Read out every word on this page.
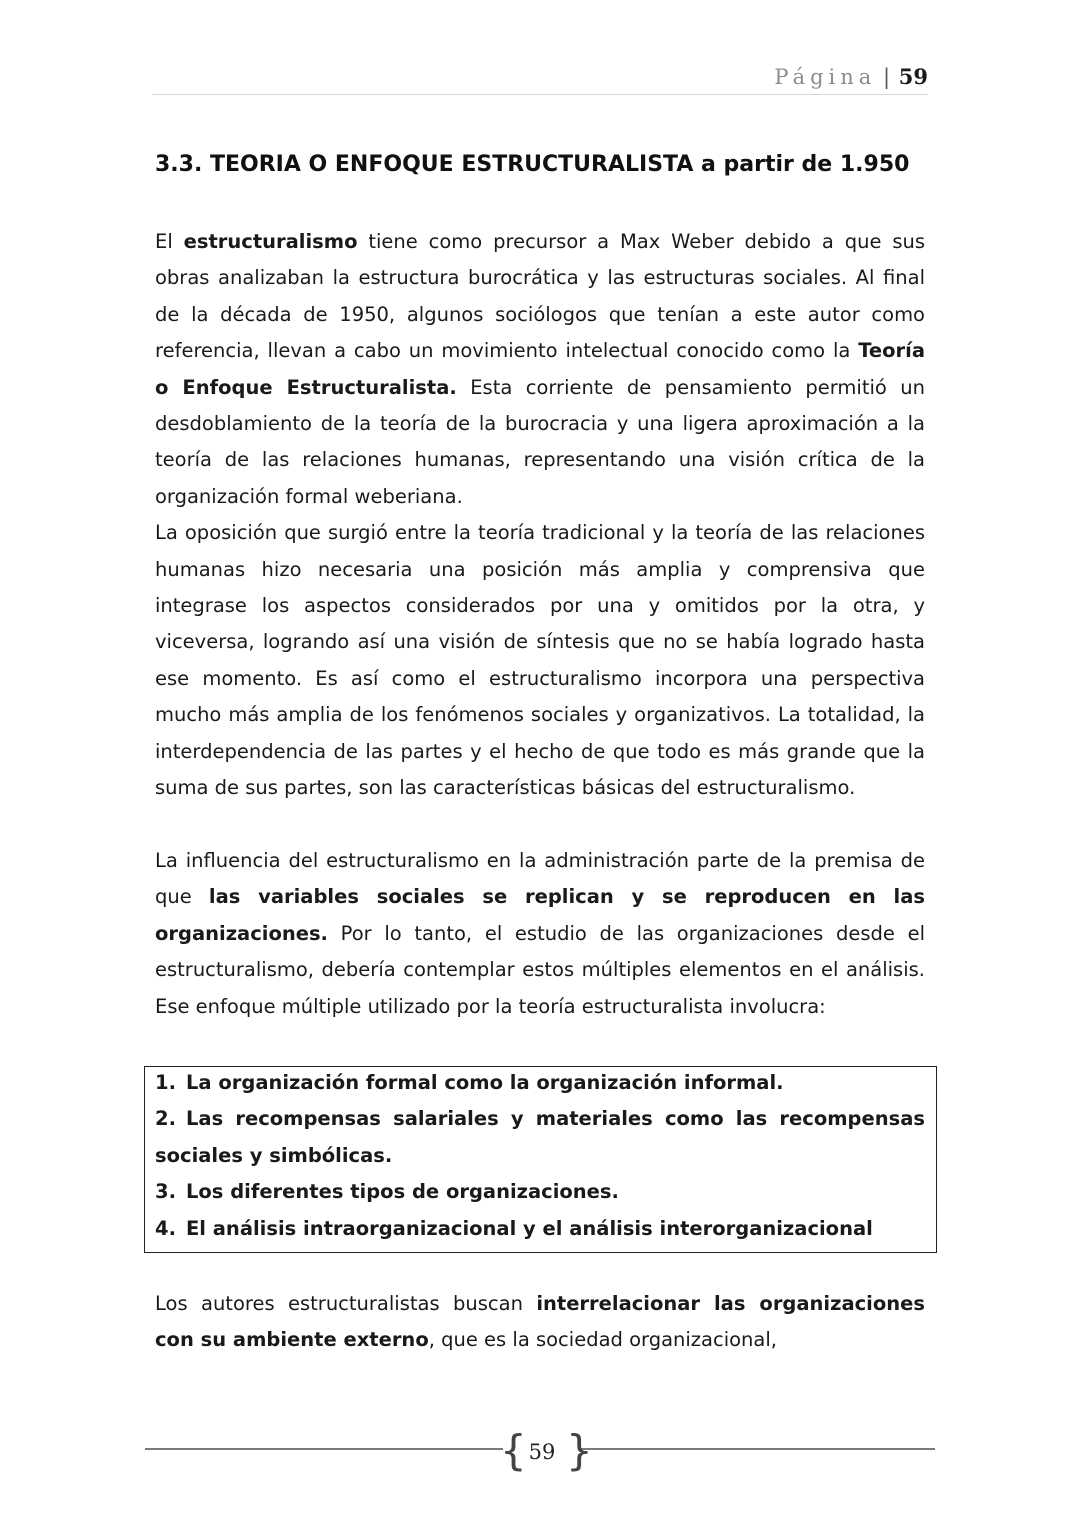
Página | 59
3.3. TEORIA O ENFOQUE ESTRUCTURALISTA a partir de 1.950

El estructuralismo tiene como precursor a Max Weber debido a que sus obras analizaban la estructura burocrática y las estructuras sociales. Al final de la década de 1950, algunos sociólogos que tenían a este autor como referencia, llevan a cabo un movimiento intelectual conocido como la Teoría o Enfoque Estructuralista. Esta corriente de pensamiento permitió un desdoblamiento de la teoría de la burocracia y una ligera aproximación a la teoría de las relaciones humanas, representando una visión crítica de la organización formal weberiana.
La oposición que surgió entre la teoría tradicional y la teoría de las relaciones humanas hizo necesaria una posición más amplia y comprensiva que integrase los aspectos considerados por una y omitidos por la otra, y viceversa, logrando así una visión de síntesis que no se había logrado hasta ese momento. Es así como el estructuralismo incorpora una perspectiva mucho más amplia de los fenómenos sociales y organizativos. La totalidad, la interdependencia de las partes y el hecho de que todo es más grande que la suma de sus partes, son las características básicas del estructuralismo.

La influencia del estructuralismo en la administración parte de la premisa de que las variables sociales se replican y se reproducen en las organizaciones. Por lo tanto, el estudio de las organizaciones desde el estructuralismo, debería contemplar estos múltiples elementos en el análisis. Ese enfoque múltiple utilizado por la teoría estructuralista involucra:

1. La organización formal como la organización informal.
2. Las recompensas salariales y materiales como las recompensas sociales y simbólicas.
3. Los diferentes tipos de organizaciones.
4. El análisis intraorganizacional y el análisis interorganizacional

Los autores estructuralistas buscan interrelacionar las organizaciones con su ambiente externo, que es la sociedad organizacional,

{ }
59
